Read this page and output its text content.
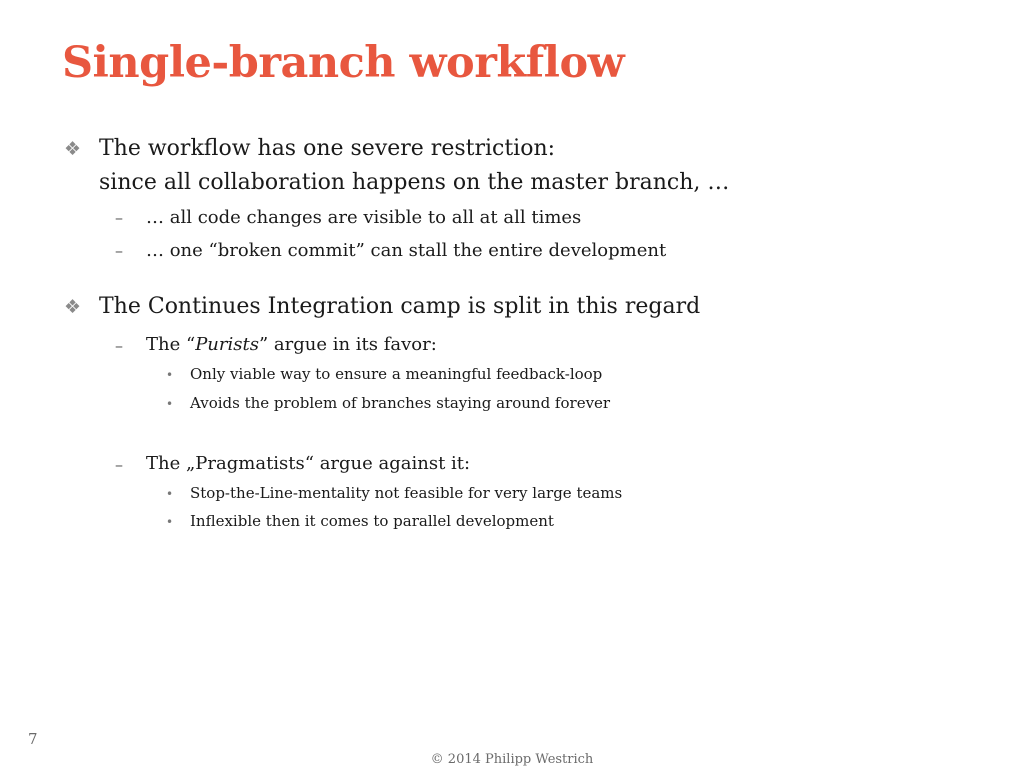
Single-branch workflow
❖ The workflow has one severe restriction:
since all collaboration happens on the master branch, …
– … all code changes are visible to all at all times
– … one “broken commit” can stall the entire development
❖ The Continues Integration camp is split in this regard
– The “Purists” argue in its favor:
• Only viable way to ensure a meaningful feedback-loop
• Avoids the problem of branches staying around forever
– The „Pragmatists“ argue against it:
• Stop-the-Line-mentality not feasible for very large teams
• Inflexible then it comes to parallel development
7
© 2014 Philipp Westrich
